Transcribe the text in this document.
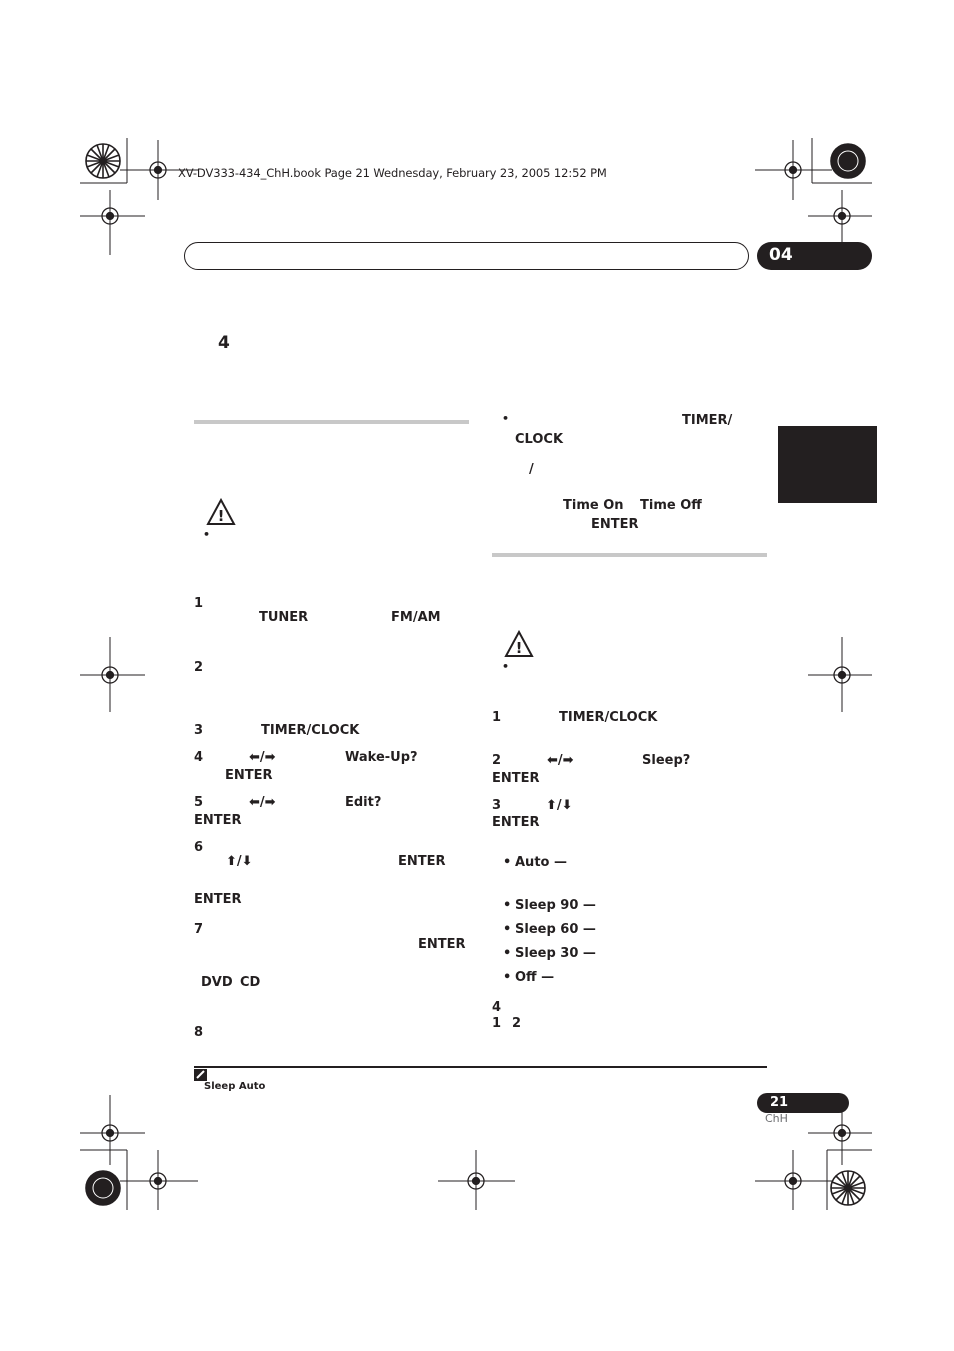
XV-DV333-434_ChH.book Page 21 Wednesday, February 23, 2005 12:52 PM
04
4
!
•
1
TUNER	FM/AM
2
3	TIMER/CLOCK
4	⬅/➡	Wake-Up?
ENTER
5	⬅/➡	Edit?
ENTER
6
⬆/⬇	ENTER
ENTER
7
ENTER
DVD CD
8
•	TIMER/
CLOCK
/
Time On Time Off
ENTER
!
•
1	TIMER/CLOCK
2	⬅/➡	Sleep?
ENTER
3	⬆/⬇
ENTER
• Auto —
• Sleep 90 —
• Sleep 60 —
• Sleep 30 —
• Off —
4
1 2
Sleep Auto
21
ChH
